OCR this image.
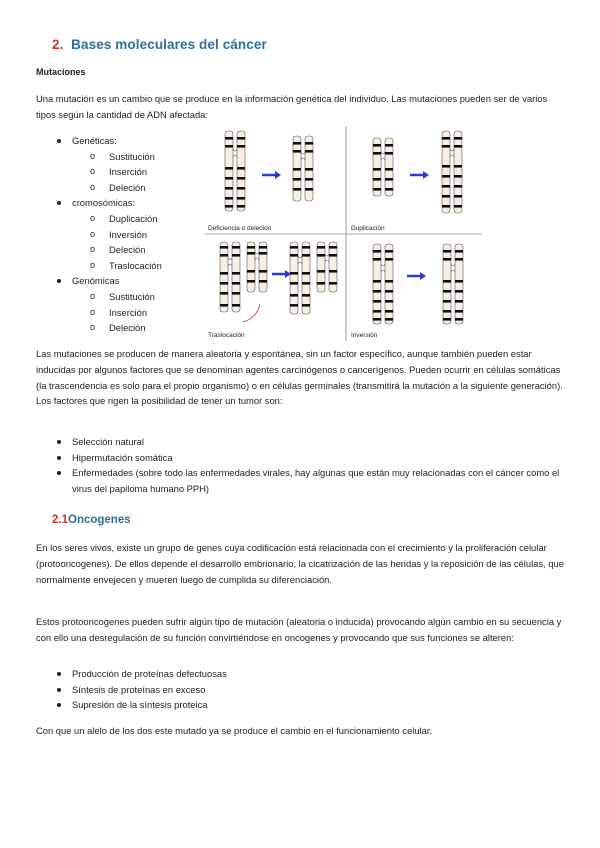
2. Bases moleculares del cáncer
Mutaciones
Una mutación es un cambio que se produce en la información genética del individuo. Las mutaciones pueden ser de varios tipos según la cantidad de ADN afectada:
Genéticas:
o Sustitución
o Inserción
o Deleción
cromosómicas:
o Duplicación
o Inversión
o Deleción
o Traslocación
Genómicas
o Sustitución
o Inserción
o Deleción
Deficiencia o deleción	Duplicación
Traslocación	Inversión
Las mutaciones se producen de manera aleatoria y espontánea, sin un factor específico, aunque también pueden estar inducidas por algunos factores que se denominan agentes carcinógenos o cancerígenos. Pueden ocurrir en células somáticas (la trascendencia es solo para el propio organismo) o en células germinales (transmitirá la mutación a la siguiente generación). Los factores que rigen la posibilidad de tener un tumor son:
Selección natural
Hipermutación somática
Enfermedades (sobre todo las enfermedades virales, hay algunas que están muy relacionadas con el cáncer como el virus del papiloma humano PPH)
2.1Oncogenes
En los seres vivos, existe un grupo de genes cuya codificación está relacionada con el crecimiento y la proliferación celular (protooncogenes). De ellos depende el desarrollo embrionario, la cicatrización de las heridas y la reposición de las células, que normalmente envejecen y mueren luego de cumplida su diferenciación.
Estos protooncogenes pueden sufrir algún tipo de mutación (aleatoria o inducida) provocando algún cambio en su secuencia y con ello una desregulación de su función convirtiéndose en oncogenes y provocando que sus funciones se alteren:
Producción de proteínas defectuosas
Síntesis de proteínas en exceso
Supresión de la síntesis proteica
Con que un alelo de los dos este mutado ya se produce el cambio en el funcionamiento celular.
